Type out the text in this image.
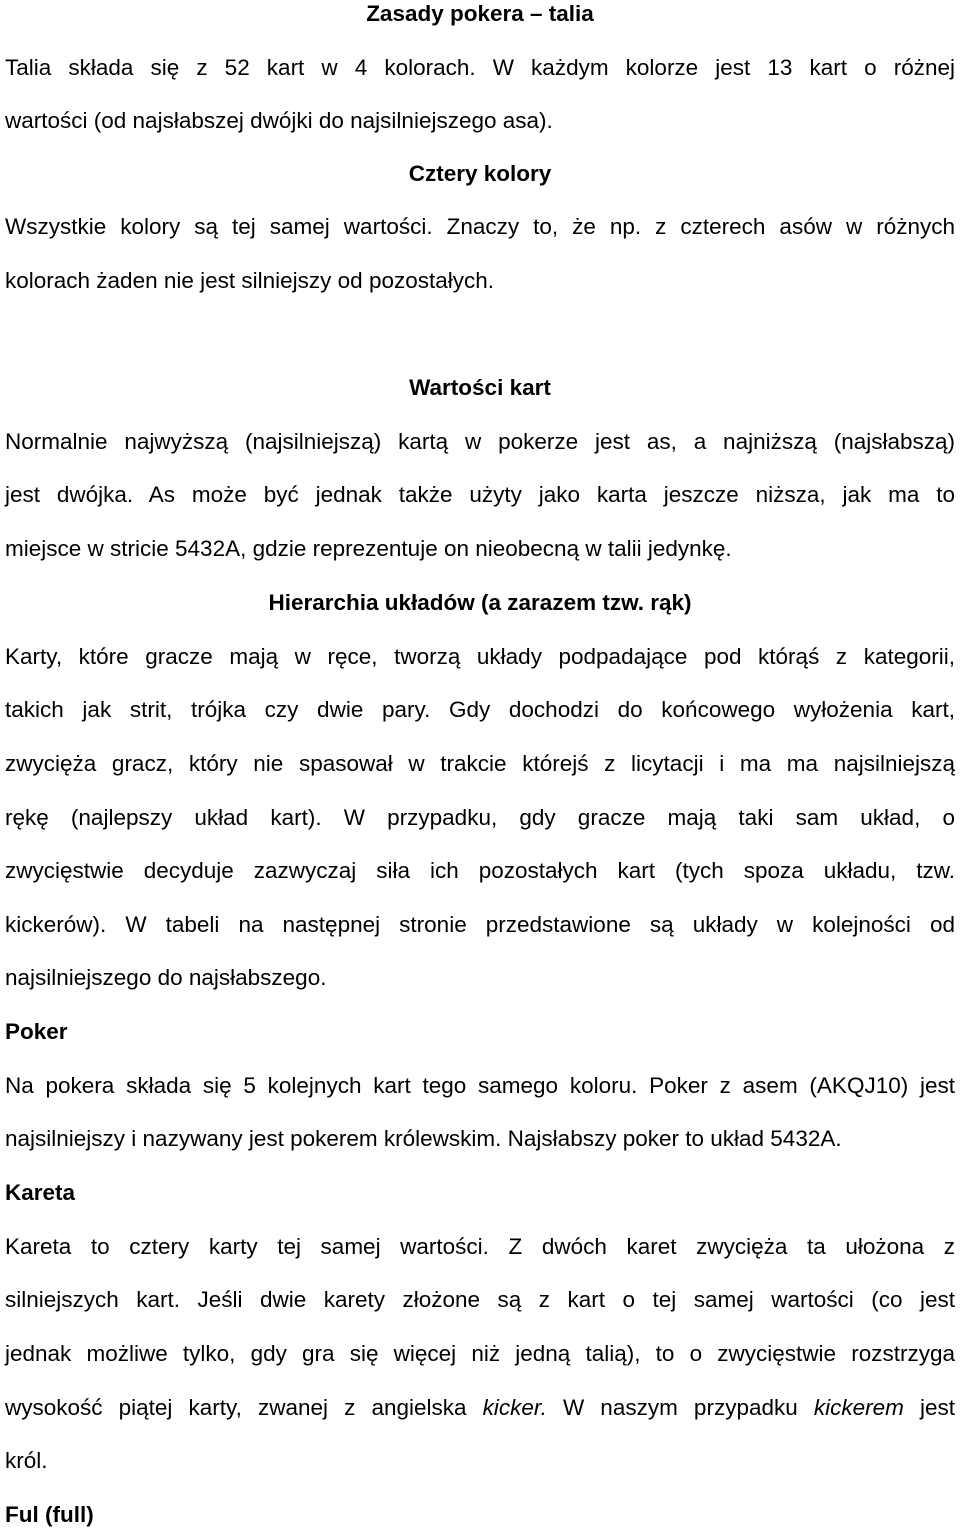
Zasady pokera – talia
Talia składa się z 52 kart w 4 kolorach. W każdym kolorze jest 13 kart o różnej
wartości (od najsłabszej dwójki do najsilniejszego asa).
Cztery kolory
Wszystkie kolory są tej samej wartości. Znaczy to, że np. z czterech asów w różnych
kolorach żaden nie jest silniejszy od pozostałych.
Wartości kart
Normalnie najwyższą (najsilniejszą) kartą w pokerze jest as, a najniższą (najsłabszą)
jest dwójka. As może być jednak także użyty jako karta jeszcze niższa, jak ma to
miejsce w stricie 5432A, gdzie reprezentuje on nieobecną w talii jedynkę.
Hierarchia układów (a zarazem tzw. rąk)
Karty, które gracze mają w ręce, tworzą układy podpadające pod którąś z kategorii,
takich jak strit, trójka czy dwie pary. Gdy dochodzi do końcowego wyłożenia kart,
zwycięża gracz, który nie spasował w trakcie którejś z licytacji i ma ma najsilniejszą
rękę (najlepszy układ kart). W przypadku, gdy gracze mają taki sam układ, o
zwycięstwie decyduje zazwyczaj siła ich pozostałych kart (tych spoza układu, tzw.
kickerów). W tabeli na następnej stronie przedstawione są układy w kolejności od
najsilniejszego do najsłabszego.
Poker
Na pokera składa się 5 kolejnych kart tego samego koloru. Poker z asem (AKQJ10) jest
najsilniejszy i nazywany jest pokerem królewskim. Najsłabszy poker to układ 5432A.
Kareta
Kareta to cztery karty tej samej wartości. Z dwóch karet zwycięża ta ułożona z
silniejszych kart. Jeśli dwie karety złożone są z kart o tej samej wartości (co jest
jednak możliwe tylko, gdy gra się więcej niż jedną talią), to o zwycięstwie rozstrzyga
wysokość piątej karty, zwanej z angielska kicker. W naszym przypadku kickerem jest
król.
Ful (full)
